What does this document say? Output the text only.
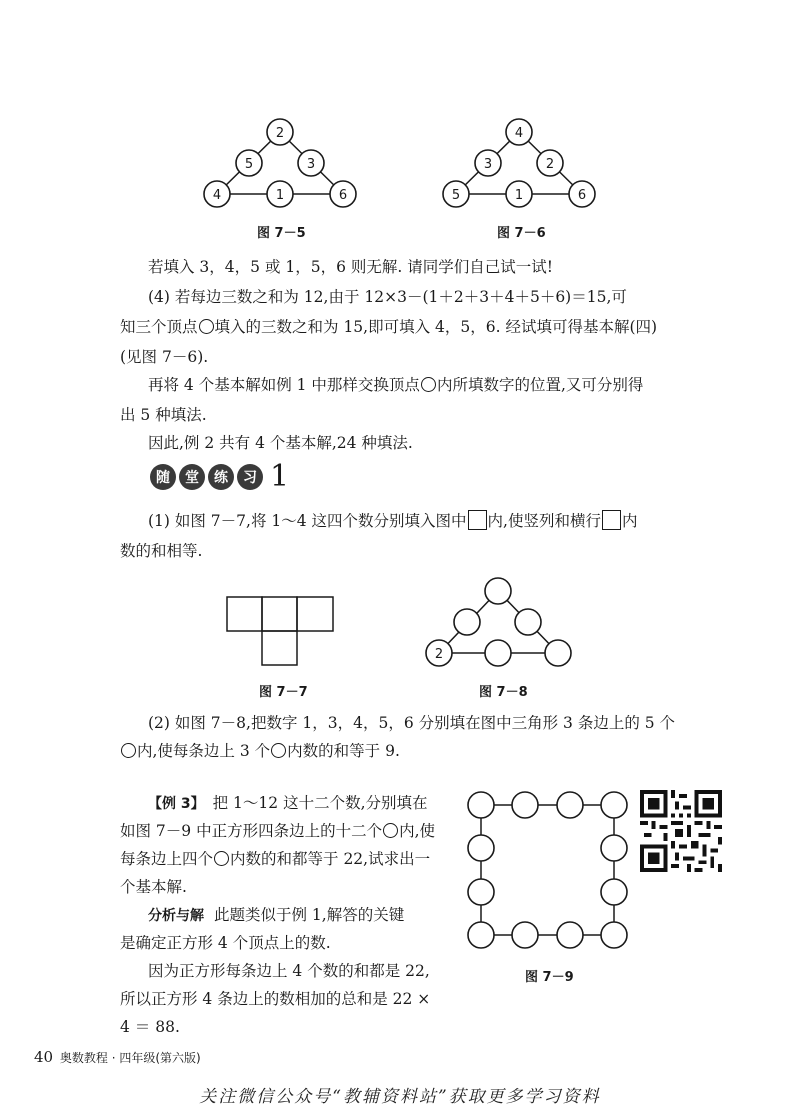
2
5	3
4	1	6
图 7－5
4
3	2
5	1	6
图 7－6
若填入 3，4，5 或 1，5，6 则无解. 请同学们自己试一试!
(4) 若每边三数之和为 12,由于 12×3－(1＋2＋3＋4＋5＋6)＝15,可
知三个顶点 填入的三数之和为 15,即可填入 4，5，6. 经试填可得基本解(四)
(见图 7－6).
再将 4 个基本解如例 1 中那样交换顶点 内所填数字的位置,又可分别得
出 5 种填法.
因此,例 2 共有 4 个基本解,24 种填法.
随	堂	练	习 1
(1) 如图 7－7,将 1～4 这四个数分别填入图中 内,使竖列和横行 内
数的和相等.
图 7－7
2
图 7－8
(2) 如图 7－8,把数字 1，3，4，5，6 分别填在图中三角形 3 条边上的 5 个
内,使每条边上 3 个 内数的和等于 9.
【例 3】 把 1～12 这十二个数,分别填在
如图 7－9 中正方形四条边上的十二个 内,使
每条边上四个 内数的和都等于 22,试求出一
个基本解.
分析与解 此题类似于例 1,解答的关键
是确定正方形 4 个顶点上的数.
因为正方形每条边上 4 个数的和都是 22,
所以正方形 4 条边上的数相加的总和是 22 ×
4 ＝ 88.
图 7－9
40 奥数教程 · 四年级(第六版)
关注微信公众号“教辅资料站”获取更多学习资料
